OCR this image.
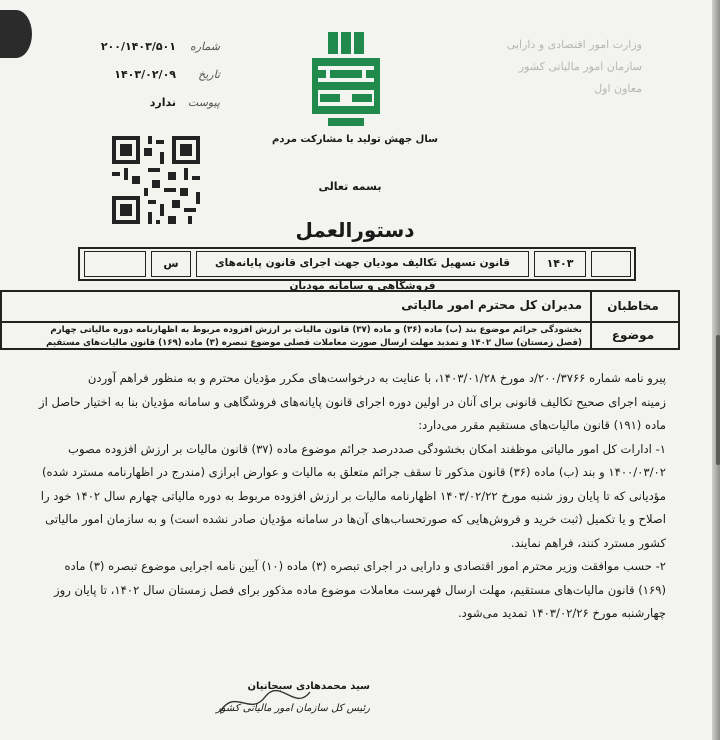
وزارت امور اقتصادی و دارایی
سازمان امور مالیاتی کشور
معاون اول
سال جهش تولید با مشارکت مردم
بسمه تعالی
شماره
۲۰۰/۱۴۰۳/۵۰۱
تاریخ
۱۴۰۳/۰۲/۰۹
پیوست
ندارد
دستورالعمل
۱۴۰۳
قانون تسهیل تکالیف مودیان جهت اجرای قانون پایانه‌های فروشگاهی و سامانه مودیان
س
مخاطبان
موضوع
مدیران کل محترم امور مالیاتی
بخشودگی جرائم موضوع بند (ب) ماده (۳۶) و ماده (۳۷) قانون مالیات بر ارزش افزوده مربوط به اظهارنامه دوره مالیاتی چهارم
(فصل زمستان) سال ۱۴۰۲ و تمدید مهلت ارسال صورت معاملات فصلی موضوع تبصره (۳) ماده (۱۶۹) قانون مالیات‌های مستقیم
پیرو نامه شماره ۲۰۰/۳۷۶۶/د مورخ ۱۴۰۳/۰۱/۲۸، با عنایت به درخواست‌های مکرر مؤدیان محترم و به منظور فراهم آوردن
زمینه اجرای صحیح تکالیف قانونی برای آنان در اولین دوره اجرای قانون پایانه‌های فروشگاهی و سامانه مؤدیان بنا به اختیار حاصل از
ماده (۱۹۱) قانون مالیات‌های مستقیم مقرر می‌دارد:
۱- ادارات کل امور مالیاتی موظفند امکان بخشودگی صددرصد جرائم موضوع ماده (۳۷) قانون مالیات بر ارزش افزوده مصوب
۱۴۰۰/۰۳/۰۲ و بند (ب) ماده (۳۶) قانون مذکور تا سقف جرائم متعلق به مالیات و عوارض ابرازی (مندرج در اظهارنامه مسترد شده)
مؤدیانی که تا پایان روز شنبه مورخ ۱۴۰۳/۰۲/۲۲ اظهارنامه مالیات بر ارزش افزوده مربوط به دوره مالیاتی چهارم سال ۱۴۰۲ خود را
اصلاح و یا تکمیل (ثبت خرید و فروش‌هایی که صورتحساب‌های آن‌ها در سامانه مؤدیان صادر نشده است) و به سازمان امور مالیاتی
کشور مسترد کنند، فراهم نمایند.
۲- حسب موافقت وزیر محترم امور اقتصادی و دارایی در اجرای تبصره (۳) ماده (۱۰) آیین نامه اجرایی موضوع تبصره (۳) ماده
(۱۶۹) قانون مالیات‌های مستقیم، مهلت ارسال فهرست معاملات موضوع ماده مذکور برای فصل زمستان سال ۱۴۰۲، تا پایان روز
چهارشنبه مورخ ۱۴۰۳/۰۲/۲۶ تمدید می‌شود.
سید محمدهادی سبحانیان
رئیس کل سازمان امور مالیاتی کشور
